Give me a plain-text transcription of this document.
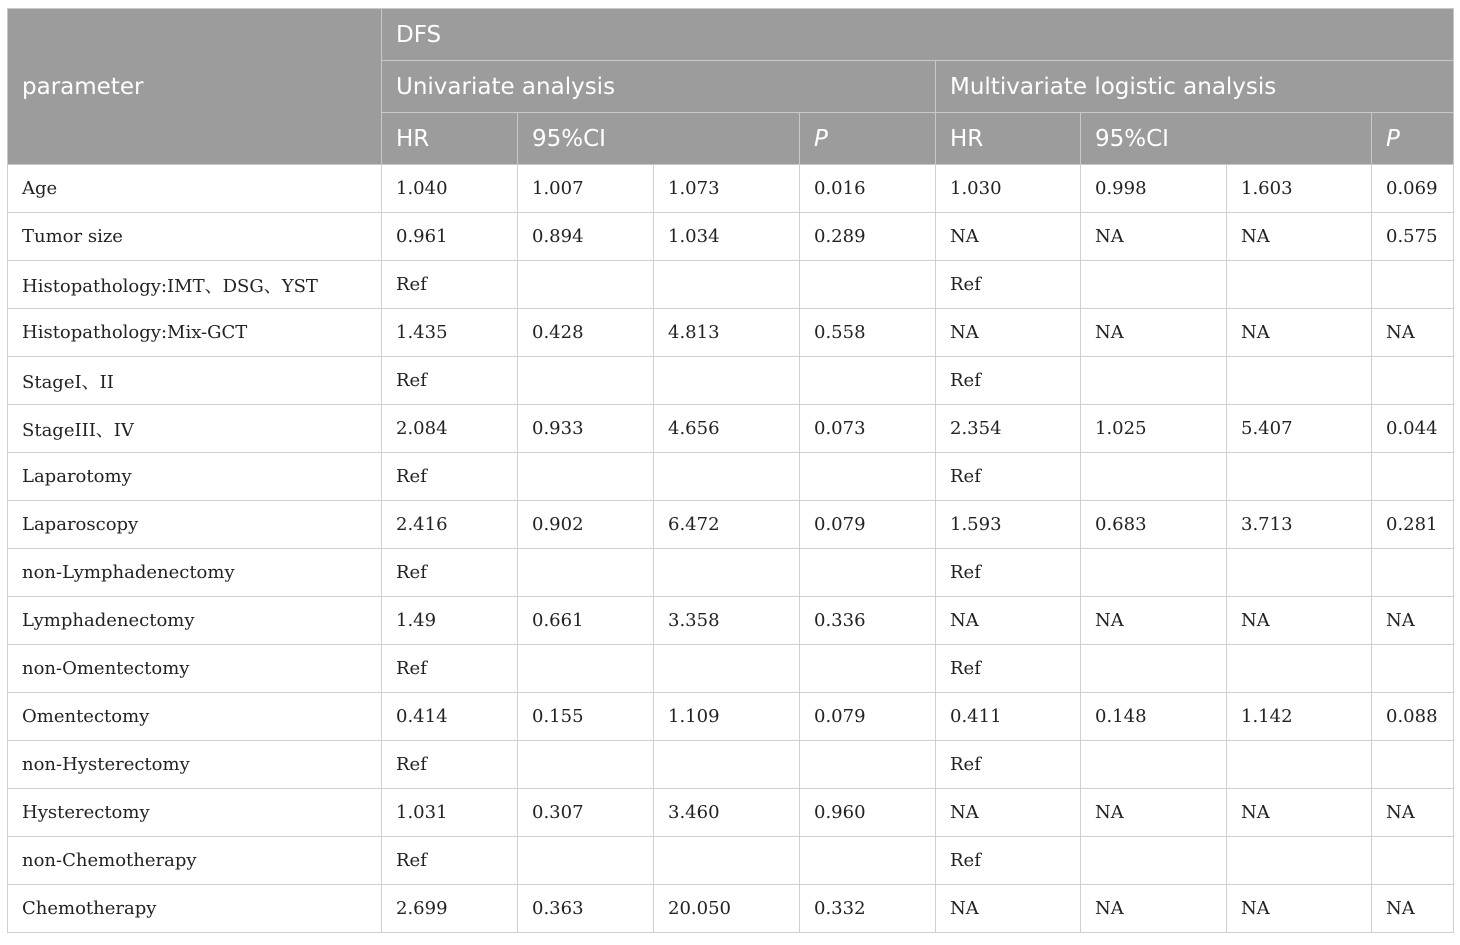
parameter	DFS							
	Univariate analysis				Multivariate logistic analysis			
	HR	95%CI		P	HR	95%CI		P
Age	1.040	1.007	1.073	0.016	1.030	0.998	1.603	0.069
Tumor size	0.961	0.894	1.034	0.289	NA	NA	NA	0.575
Histopathology:IMT、DSG、YST	Ref				Ref			
Histopathology:Mix-GCT	1.435	0.428	4.813	0.558	NA	NA	NA	NA
StageI、II	Ref				Ref			
StageIII、IV	2.084	0.933	4.656	0.073	2.354	1.025	5.407	0.044
Laparotomy	Ref				Ref			
Laparoscopy	2.416	0.902	6.472	0.079	1.593	0.683	3.713	0.281
non-Lymphadenectomy	Ref				Ref			
Lymphadenectomy	1.49	0.661	3.358	0.336	NA	NA	NA	NA
non-Omentectomy	Ref				Ref			
Omentectomy	0.414	0.155	1.109	0.079	0.411	0.148	1.142	0.088
non-Hysterectomy	Ref				Ref			
Hysterectomy	1.031	0.307	3.460	0.960	NA	NA	NA	NA
non-Chemotherapy	Ref				Ref			
Chemotherapy	2.699	0.363	20.050	0.332	NA	NA	NA	NA
